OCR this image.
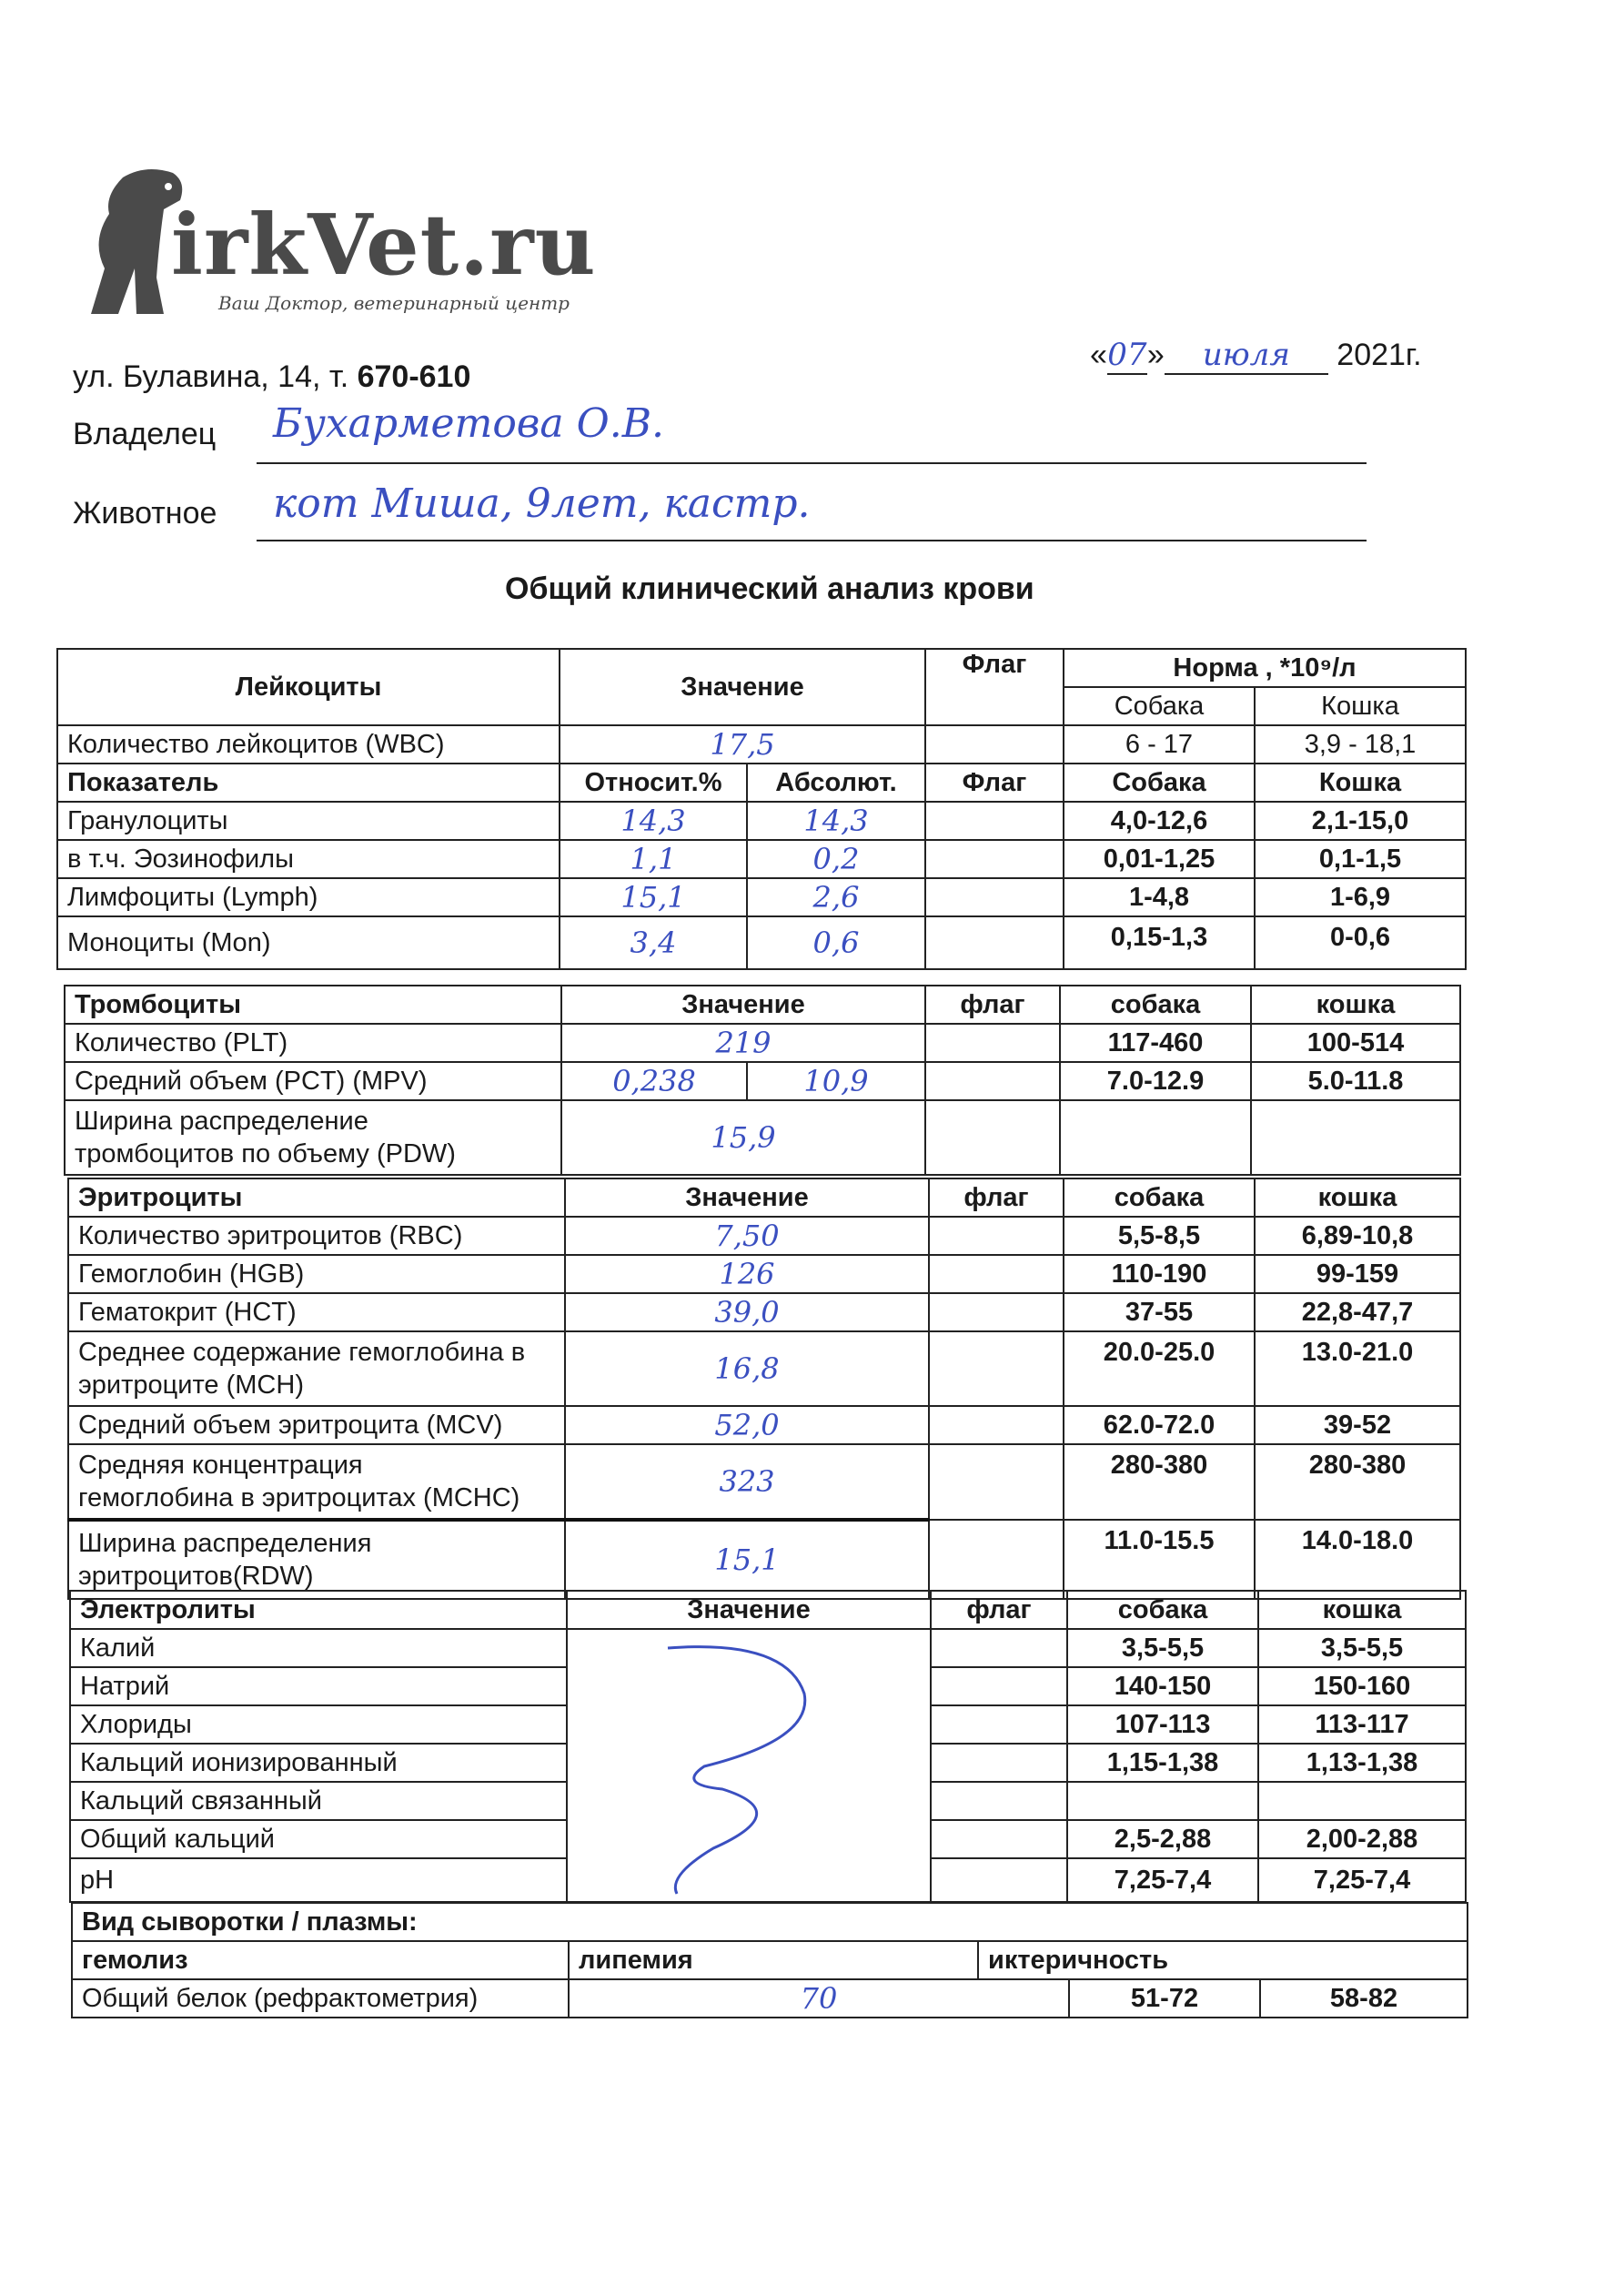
irkVet.ru
Ваш Доктор, ветеринарный центр
ул. Булавина, 14, т. 670-610
«07» июля 2021г.
Владелец Бухарметова О.В.
Животное кот Миша, 9лет, кастр.
Общий клинический анализ крови
Лейкоциты	Значение		Флаг	Норма , *10⁹/л	
				Собака	Кошка
Количество лейкоцитов (WBC)	17,5			6 - 17	3,9 - 18,1
Показатель	Относит.%	Абсолют.	Флаг	Собака	Кошка
Гранулоциты	14,3	14,3		4,0-12,6	2,1-15,0
в т.ч. Эозинофилы	1,1	0,2		0,01-1,25	0,1-1,5
Лимфоциты (Lymph)	15,1	2,6		1-4,8	1-6,9
Моноциты (Mon)	3,4	0,6		0,15-1,3	0-0,6
Тромбоциты	Значение		флаг	собака	кошка
Количество (PLT)	219			117-460	100-514
Средний объем (PCT) (MPV)	0,238	10,9		7.0-12.9	5.0-11.8
Ширина распределение
тромбоцитов по объему (PDW)	15,9				
Эритроциты	Значение	флаг	собака	кошка
Количество эритроцитов (RBC)	7,50		5,5-8,5	6,89-10,8
Гемоглобин (HGB)	126		110-190	99-159
Гематокрит (HCT)	39,0		37-55	22,8-47,7
Среднее содержание гемоглобина в
эритроците (MCH)	16,8		20.0-25.0	13.0-21.0
Средний объем эритроцита (MCV)	52,0		62.0-72.0	39-52
Средняя концентрация
гемоглобина в эритроцитах (MCHC)	323		280-380	280-380
Ширина распределения
эритроцитов(RDW)	15,1		11.0-15.5	14.0-18.0
Электролиты	Значение	флаг	собака	кошка
Калий			3,5-5,5	3,5-5,5
Натрий			140-150	150-160
Хлориды			107-113	113-117
Кальций ионизированный			1,15-1,38	1,13-1,38
Кальций связанный				
Общий кальций			2,5-2,88	2,00-2,88
pH			7,25-7,4	7,25-7,4
Вид сыворотки / плазмы:				
гемолиз	липемия	иктеричность		
Общий белок (рефрактометрия)	70		51-72	58-82
